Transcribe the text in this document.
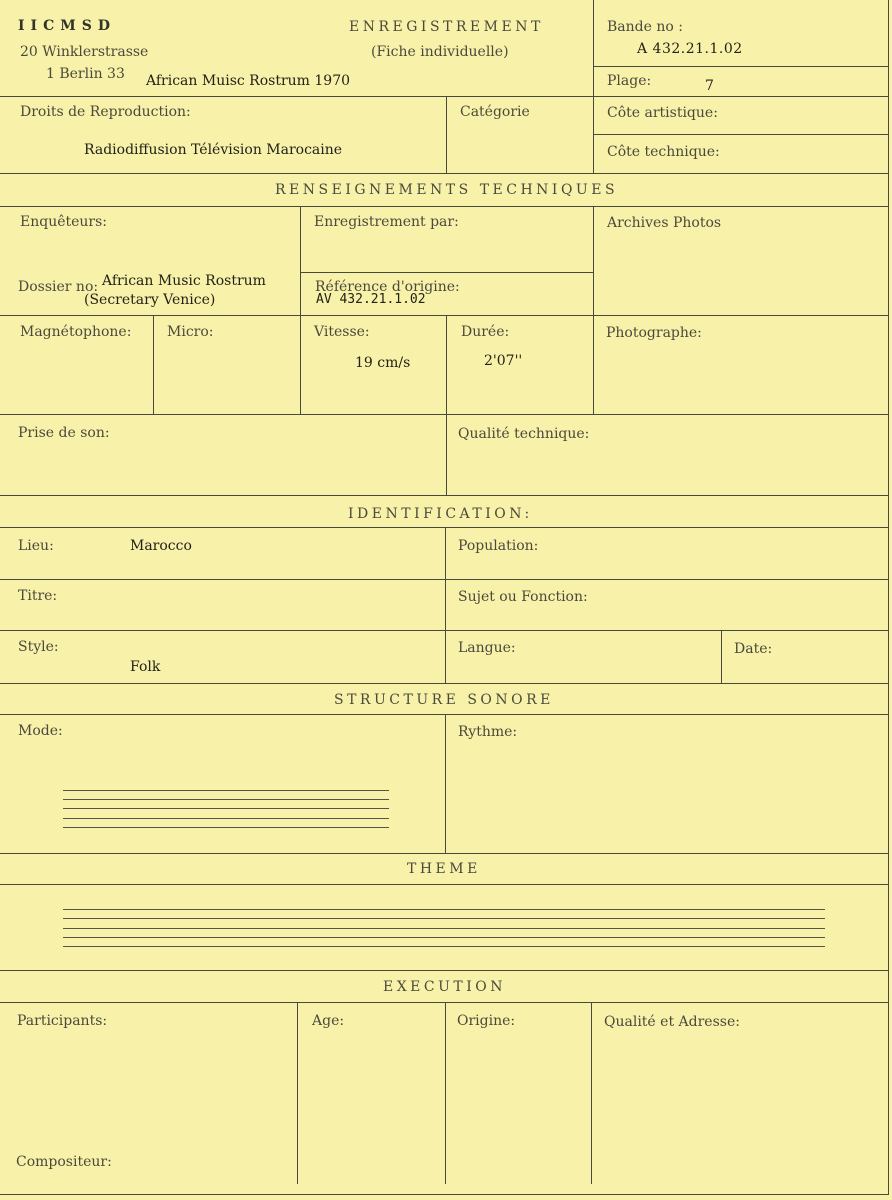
IICMSD
20 Winklerstrasse
1 Berlin 33 African Muisc Rostrum 1970
ENREGISTREMENT
(Fiche individuelle)
Bande no :
A 432.21.1.02
Plage:	7
Droits de Reproduction:
Radiodiffusion Télévision Marocaine
Catégorie	Côte artistique:
Côte technique:
RENSEIGNEMENTS TECHNIQUES
Enquêteurs:	Enregistrement par:	Archives Photos
Dossier no: African Music Rostrum
(Secretary Venice)
Référence d'origine:
AV 432.21.1.02
Magnétophone:	Micro:	Vitesse:
19 cm/s
Durée:
2'07''
Photographe:
Prise de son:	Qualité technique:
IDENTIFICATION:
Lieu:	Marocco	Population:
Titre:	Sujet ou Fonction:
Style:
Folk
Langue:	Date:
STRUCTURE SONORE
Mode:	Rythme:
THEME
EXECUTION
Participants:	Age:	Origine:	Qualité et Adresse:
Compositeur:
